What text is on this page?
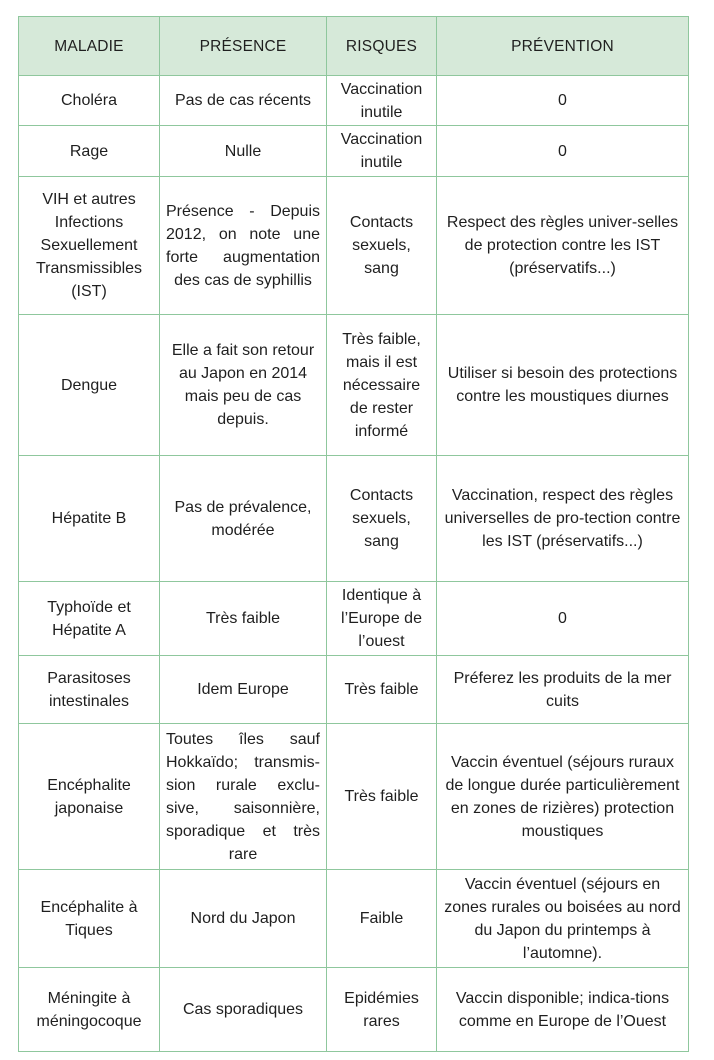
MALADIE	PRÉSENCE	RISQUES	PRÉVENTION
Choléra	Pas de cas récents	Vaccination inutile	0
Rage	Nulle	Vaccination inutile	0
VIH et autres Infections Sexuellement Transmissibles (IST)	Présence - Depuis 2012, on note une forte augmentation des cas de syphillis	Contacts sexuels, sang	Respect des règles univer-selles de protection contre les IST (préservatifs...)
Dengue	Elle a fait son retour au Japon en 2014 mais peu de cas depuis.	Très faible, mais il est nécessaire de rester informé	Utiliser si besoin des protections contre les moustiques diurnes
Hépatite B	Pas de prévalence, modérée	Contacts sexuels, sang	Vaccination, respect des règles universelles de pro-tection contre les IST (préservatifs...)
Typhoïde et Hépatite A	Très faible	Identique à l’Europe de l’ouest	0
Parasitoses intestinales	Idem Europe	Très faible	Préferez les produits de la mer cuits
Encéphalite japonaise	Toutes îles sauf Hokkaïdo; transmis-sion rurale exclu-sive, saisonnière, sporadique et très rare	Très faible	Vaccin éventuel (séjours ruraux de longue durée particulièrement en zones de rizières) protection moustiques
Encéphalite à Tiques	Nord du Japon	Faible	Vaccin éventuel (séjours en zones rurales ou boisées au nord du Japon du printemps à l’automne).
Méningite à méningocoque	Cas sporadiques	Epidémies rares	Vaccin disponible; indica-tions comme en Europe de l’Ouest
